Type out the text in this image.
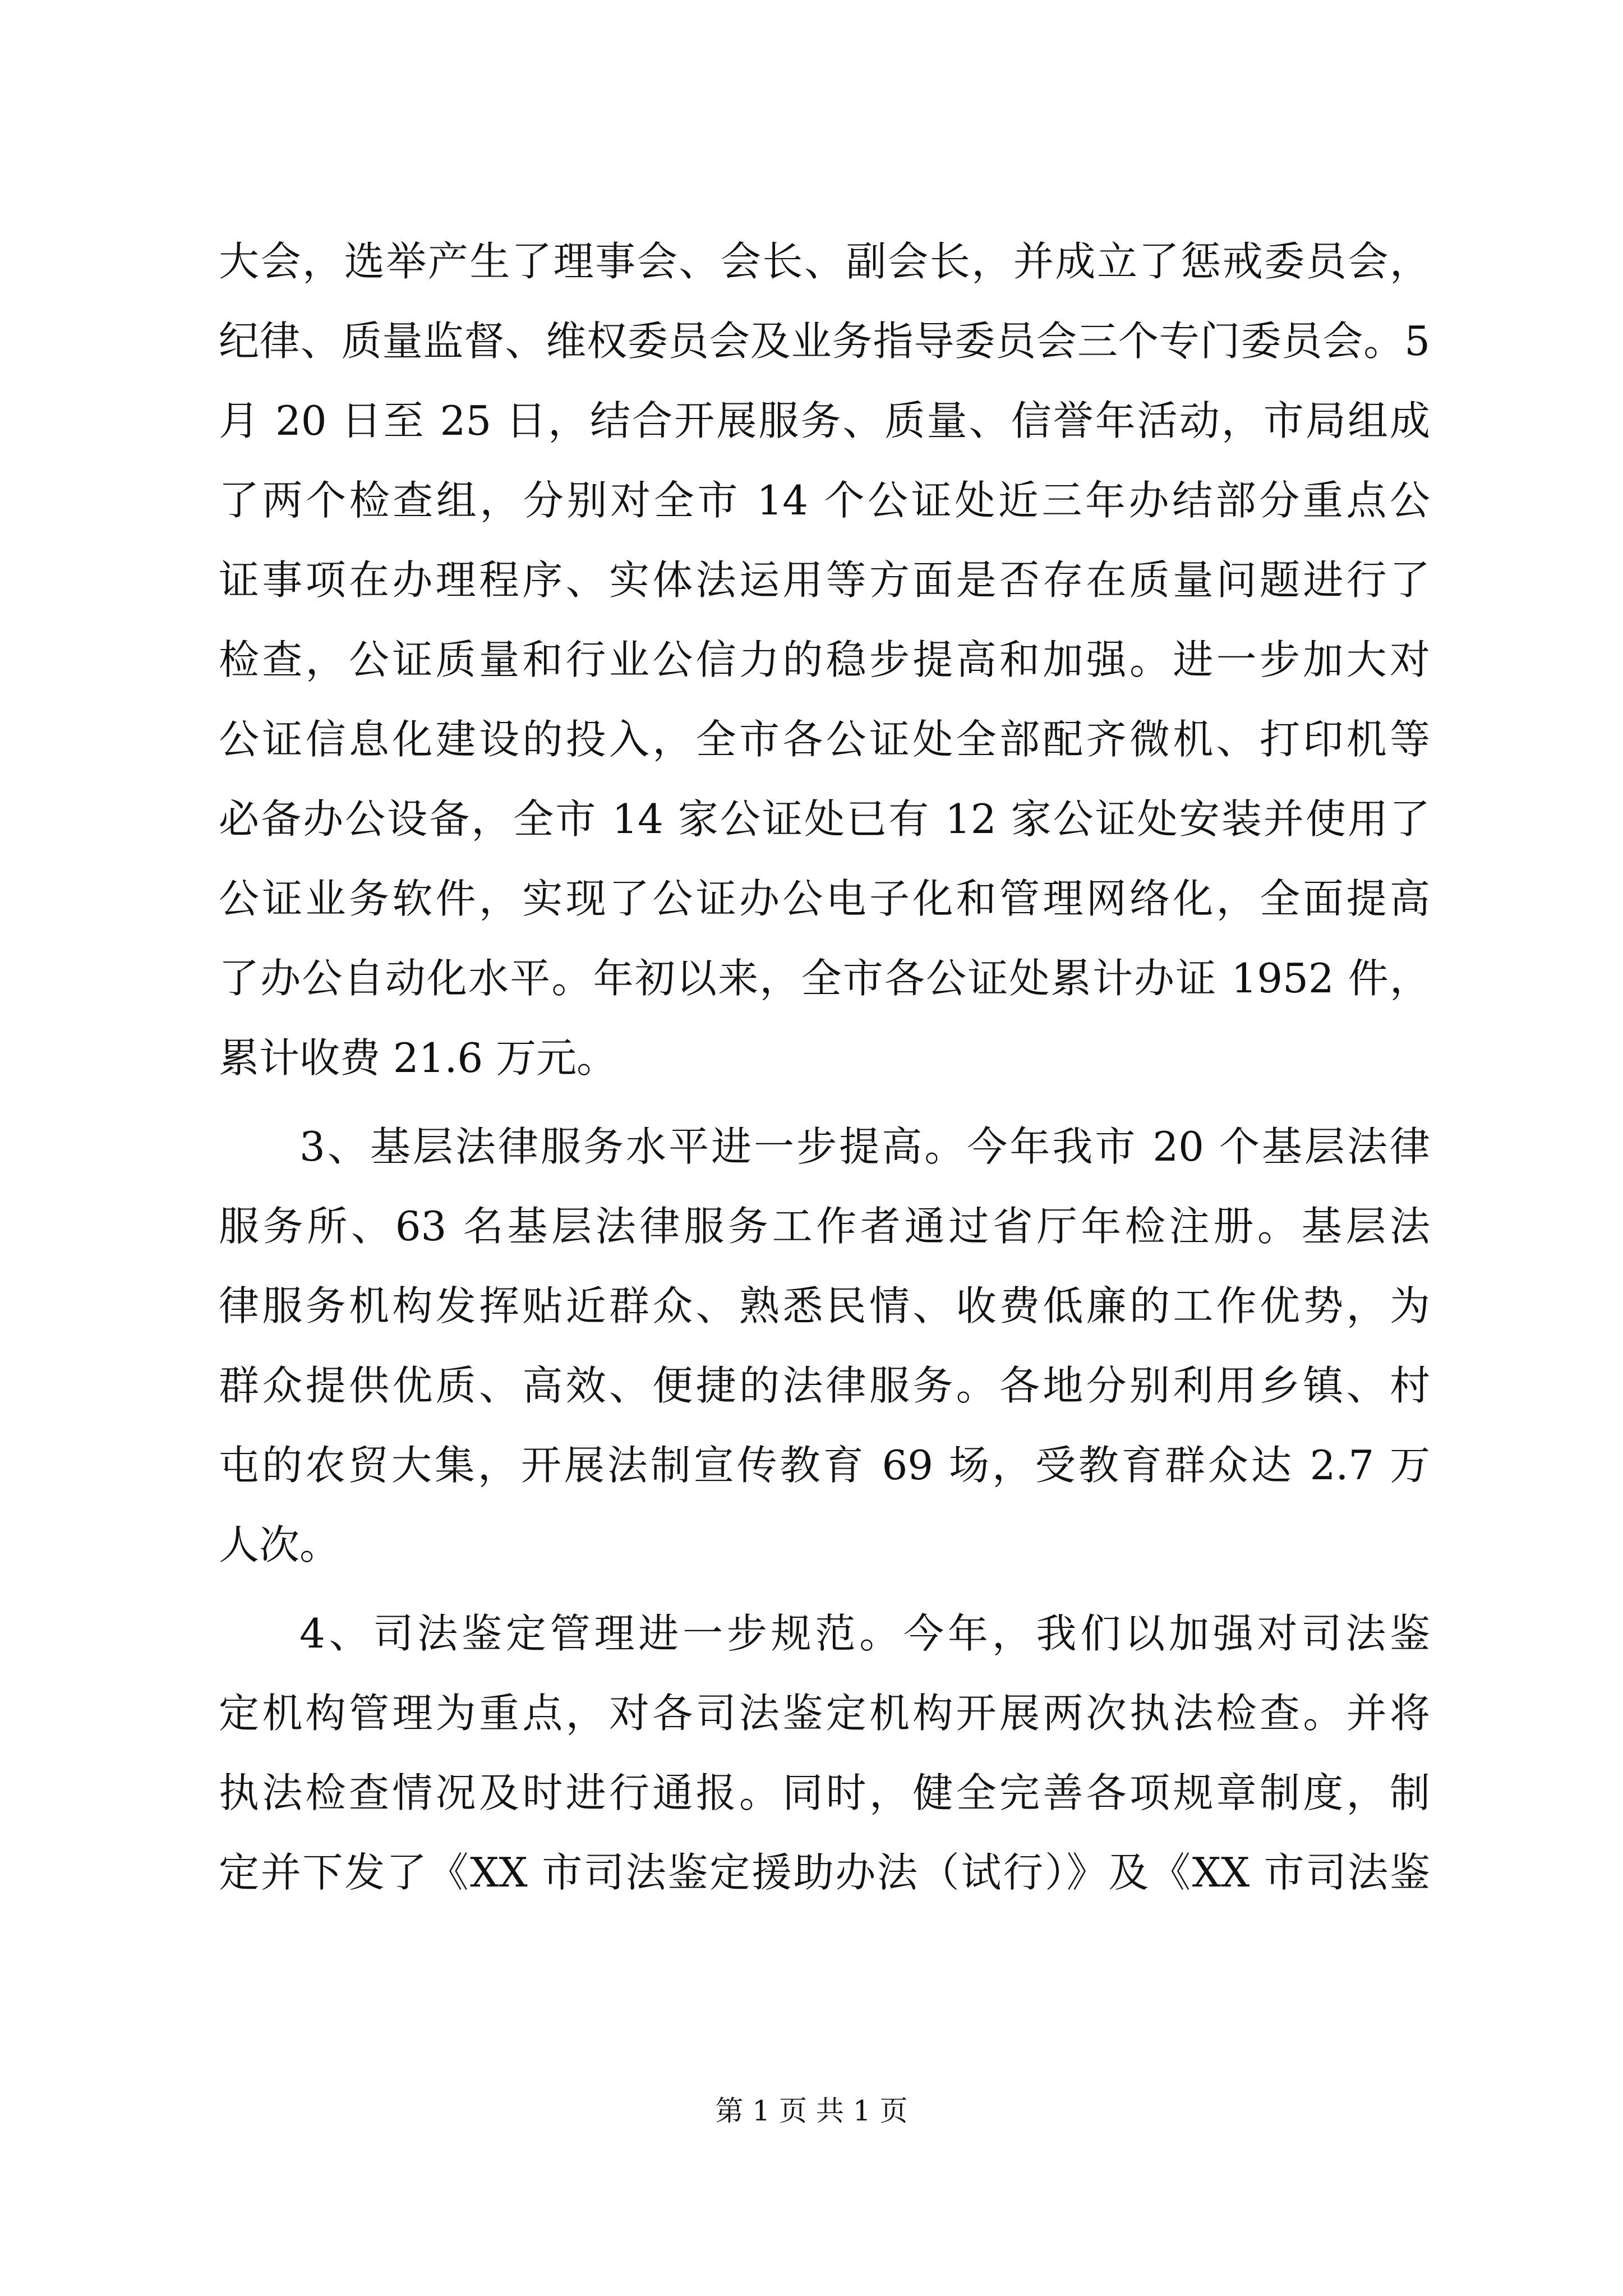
大会，选举产生了理事会、会长、副会长，并成立了惩戒委员会，
纪律、质量监督、维权委员会及业务指导委员会三个专门委员会。5
月 20 日至 25 日，结合开展服务、质量、信誉年活动，市局组成
了两个检查组，分别对全市 14 个公证处近三年办结部分重点公
证事项在办理程序、实体法运用等方面是否存在质量问题进行了
检查，公证质量和行业公信力的稳步提高和加强。进一步加大对
公证信息化建设的投入，全市各公证处全部配齐微机、打印机等
必备办公设备，全市 14 家公证处已有 12 家公证处安装并使用了
公证业务软件，实现了公证办公电子化和管理网络化，全面提高
了办公自动化水平。年初以来，全市各公证处累计办证 1952 件，
累计收费 21.6 万元。
3、基层法律服务水平进一步提高。今年我市 20 个基层法律
服务所、63 名基层法律服务工作者通过省厅年检注册。基层法
律服务机构发挥贴近群众、熟悉民情、收费低廉的工作优势，为
群众提供优质、高效、便捷的法律服务。各地分别利用乡镇、村
屯的农贸大集，开展法制宣传教育 69 场，受教育群众达 2.7 万
人次。
4、司法鉴定管理进一步规范。今年，我们以加强对司法鉴
定机构管理为重点，对各司法鉴定机构开展两次执法检查。并将
执法检查情况及时进行通报。同时，健全完善各项规章制度，制
定并下发了《XX 市司法鉴定援助办法（试行）》及《XX 市司法鉴
第 1 页 共 1 页
